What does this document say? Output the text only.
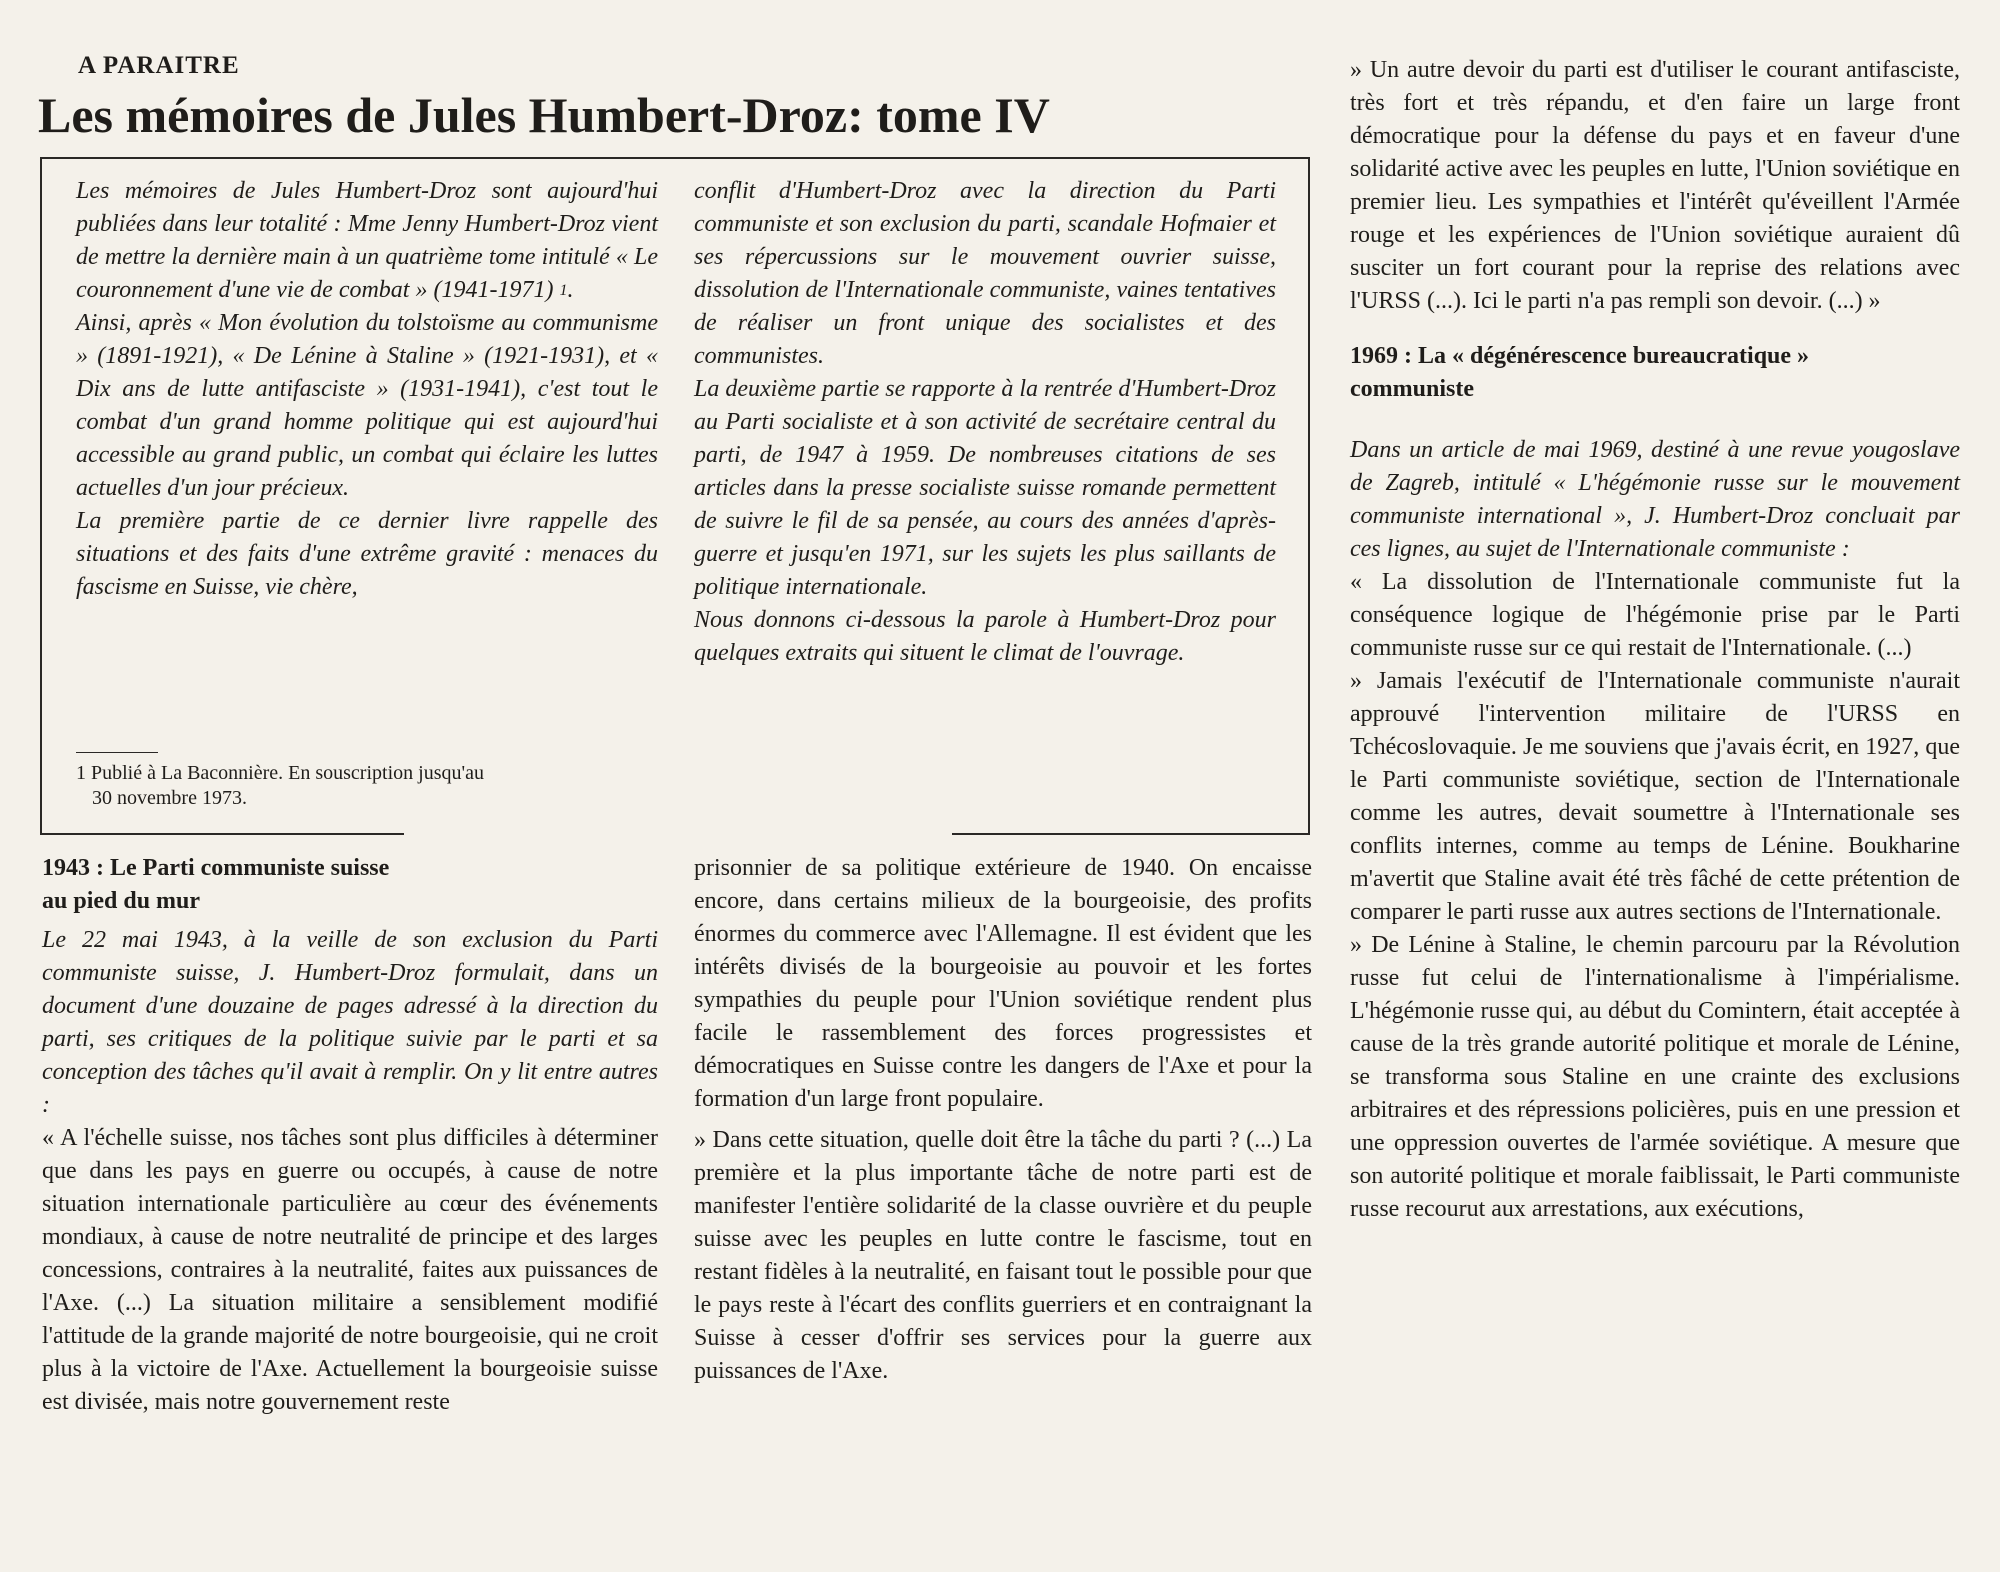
A PARAITRE
Les mémoires de Jules Humbert-Droz: tome IV

Les mémoires de Jules Humbert-Droz sont aujourd'hui publiées dans leur totalité : Mme Jenny Humbert-Droz vient de mettre la dernière main à un quatrième tome intitulé « Le couronnement d'une vie de combat » (1941-1971) $^1$.

Ainsi, après « Mon évolution du tolstoïsme au communisme » (1891-1921), « De Lénine à Staline » (1921-1931), et « Dix ans de lutte antifasciste » (1931-1941), c'est tout le combat d'un grand homme politique qui est aujourd'hui accessible au grand public, un combat qui éclaire les luttes actuelles d'un jour précieux.

La première partie de ce dernier livre rappelle des situations et des faits d'une extrême gravité : menaces du fascisme en Suisse, vie chère,

conflit d'Humbert-Droz avec la direction du Parti communiste et son exclusion du parti, scandale Hofmaier et ses répercussions sur le mouvement ouvrier suisse, dissolution de l'Internationale communiste, vaines tentatives de réaliser un front unique des socialistes et des communistes.

La deuxième partie se rapporte à la rentrée d'Humbert-Droz au Parti socialiste et à son activité de secrétaire central du parti, de 1947 à 1959. De nombreuses citations de ses articles dans la presse socialiste suisse romande permettent de suivre le fil de sa pensée, au cours des années d'après-guerre et jusqu'en 1971, sur les sujets les plus saillants de politique internationale.

Nous donnons ci-dessous la parole à Humbert-Droz pour quelques extraits qui situent le climat de l'ouvrage.

1 Publié à La Baconnière. En souscription jusqu'au
30 novembre 1973.
1943 : Le Parti communiste suisse
au pied du mur

Le 22 mai 1943, à la veille de son exclusion du Parti communiste suisse, J. Humbert-Droz formulait, dans un document d'une douzaine de pages adressé à la direction du parti, ses critiques de la politique suivie par le parti et sa conception des tâches qu'il avait à remplir. On y lit entre autres :

« A l'échelle suisse, nos tâches sont plus difficiles à déterminer que dans les pays en guerre ou occupés, à cause de notre situation internationale particulière au cœur des événements mondiaux, à cause de notre neutralité de principe et des larges concessions, contraires à la neutralité, faites aux puissances de l'Axe. (...) La situation militaire a sensiblement modifié l'attitude de la grande majorité de notre bourgeoisie, qui ne croit plus à la victoire de l'Axe. Actuellement la bourgeoisie suisse est divisée, mais notre gouvernement reste

prisonnier de sa politique extérieure de 1940. On encaisse encore, dans certains milieux de la bourgeoisie, des profits énormes du commerce avec l'Allemagne. Il est évident que les intérêts divisés de la bourgeoisie au pouvoir et les fortes sympathies du peuple pour l'Union soviétique rendent plus facile le rassemblement des forces progressistes et démocratiques en Suisse contre les dangers de l'Axe et pour la formation d'un large front populaire.

» Dans cette situation, quelle doit être la tâche du parti ? (...) La première et la plus importante tâche de notre parti est de manifester l'entière solidarité de la classe ouvrière et du peuple suisse avec les peuples en lutte contre le fascisme, tout en restant fidèles à la neutralité, en faisant tout le possible pour que le pays reste à l'écart des conflits guerriers et en contraignant la Suisse à cesser d'offrir ses services pour la guerre aux puissances de l'Axe.

» Un autre devoir du parti est d'utiliser le courant antifasciste, très fort et très répandu, et d'en faire un large front démocratique pour la défense du pays et en faveur d'une solidarité active avec les peuples en lutte, l'Union soviétique en premier lieu. Les sympathies et l'intérêt qu'éveillent l'Armée rouge et les expériences de l'Union soviétique auraient dû susciter un fort courant pour la reprise des relations avec l'URSS (...). Ici le parti n'a pas rempli son devoir. (...) »

1969 : La « dégénérescence bureaucratique »
communiste

Dans un article de mai 1969, destiné à une revue yougoslave de Zagreb, intitulé « L'hégémonie russe sur le mouvement communiste international », J. Humbert-Droz concluait par ces lignes, au sujet de l'Internationale communiste :

« La dissolution de l'Internationale communiste fut la conséquence logique de l'hégémonie prise par le Parti communiste russe sur ce qui restait de l'Internationale. (...)

» Jamais l'exécutif de l'Internationale communiste n'aurait approuvé l'intervention militaire de l'URSS en Tchécoslovaquie. Je me souviens que j'avais écrit, en 1927, que le Parti communiste soviétique, section de l'Internationale comme les autres, devait soumettre à l'Internationale ses conflits internes, comme au temps de Lénine. Boukharine m'avertit que Staline avait été très fâché de cette prétention de comparer le parti russe aux autres sections de l'Internationale.

» De Lénine à Staline, le chemin parcouru par la Révolution russe fut celui de l'internationalisme à l'impérialisme. L'hégémonie russe qui, au début du Comintern, était acceptée à cause de la très grande autorité politique et morale de Lénine, se transforma sous Staline en une crainte des exclusions arbitraires et des répressions policières, puis en une pression et une oppression ouvertes de l'armée soviétique. A mesure que son autorité politique et morale faiblissait, le Parti communiste russe recourut aux arrestations, aux exécutions,
